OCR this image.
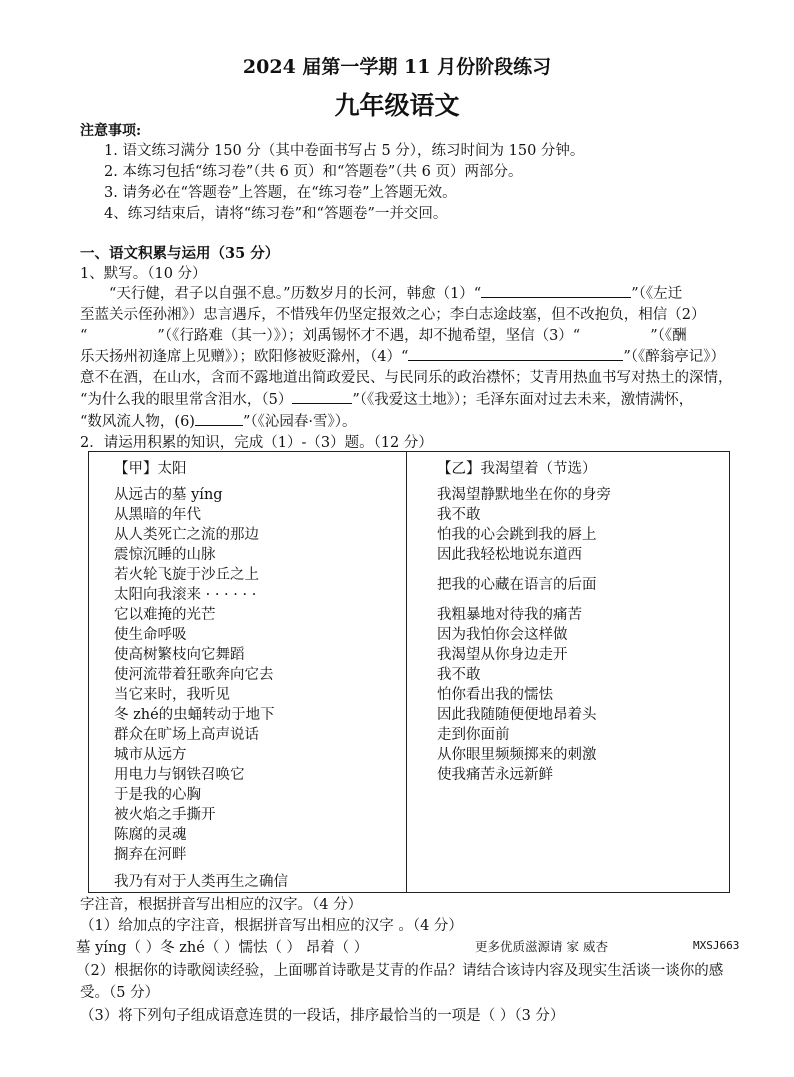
2024 届第一学期 11 月份阶段练习
九年级语文
注意事项:
1. 语文练习满分 150 分（其中卷面书写占 5 分），练习时间为 150 分钟。
2. 本练习包括“练习卷”（共 6 页）和“答题卷”（共 6 页）两部分。
3. 请务必在“答题卷”上答题，在“练习卷”上答题无效。
4、练习结束后，请将“练习卷”和“答题卷”一并交回。
一、语文积累与运用（35 分）
1、默写。（10 分）

　　“天行健，君子以自强不息。”历数岁月的长河，韩愈（1）“	”（《左迁

至蓝关示侄孙湘》）忠言遇斥，不惜残年仍坚定报效之心；李白志途歧塞，但不改抱负，相信（2）

“	”（《行路难（其一）》）；刘禹锡怀才不遇，却不抛希望，坚信（3）“	”（《酬

乐天扬州初逢席上见赠》）；欧阳修被贬滁州，（4）“	”（《醉翁亭记》）

意不在酒，在山水，含而不露地道出简政爱民、与民同乐的政治襟怀；艾青用热血书写对热土的深情，

“为什么我的眼里常含泪水，（5）	”（《我爱这土地》）；毛泽东面对过去未来，激情满怀，

“数风流人物，(6)	”（《沁园春·雪》）。

2．请运用积累的知识，完成（1）-（3）题。（12 分）
【甲】太阳
从远古的墓 yíng
从黑暗的年代
从人类死亡之流的那边
震惊沉睡的山脉
若火轮飞旋于沙丘之上
太阳向我滚来 · · · · · ·
它以难掩的光芒
使生命呼吸
使高树繁枝向它舞蹈
使河流带着狂歌奔向它去
当它来时，我听见
冬 zhé的虫蛹转动于地下
群众在旷场上高声说话
城市从远方
用电力与钢铁召唤它
于是我的心胸
被火焰之手撕开
陈腐的灵魂
搁弃在河畔
我乃有对于人类再生之确信
【乙】我渴望着（节选）
我渴望静默地坐在你的身旁
我不敢
怕我的心会跳到我的唇上
因此我轻松地说东道西
把我的心藏在语言的后面
我粗暴地对待我的痛苦
因为我怕你会这样做
我渴望从你身边走开
我不敢
怕你看出我的懦怯
因此我随随便便地昂着头
走到你面前
从你眼里频频掷来的刺激
使我痛苦永远新鲜
字注音，根据拼音写出相应的汉字。（4 分）
（1）给加点的字注音，根据拼音写出相应的汉字 。（4 分）
墓 yíng（ ）冬 zhé（ ）懦怯（ ） 昂着（ ）	更多优质滋源请 家 威杏	MXSJ663
（2）根据你的诗歌阅读经验，上面哪首诗歌是艾青的作品？请结合该诗内容及现实生活谈一谈你的感
受。（5 分）
（3）将下列句子组成语意连贯的一段话，排序最恰当的一项是（ ）（3 分）
